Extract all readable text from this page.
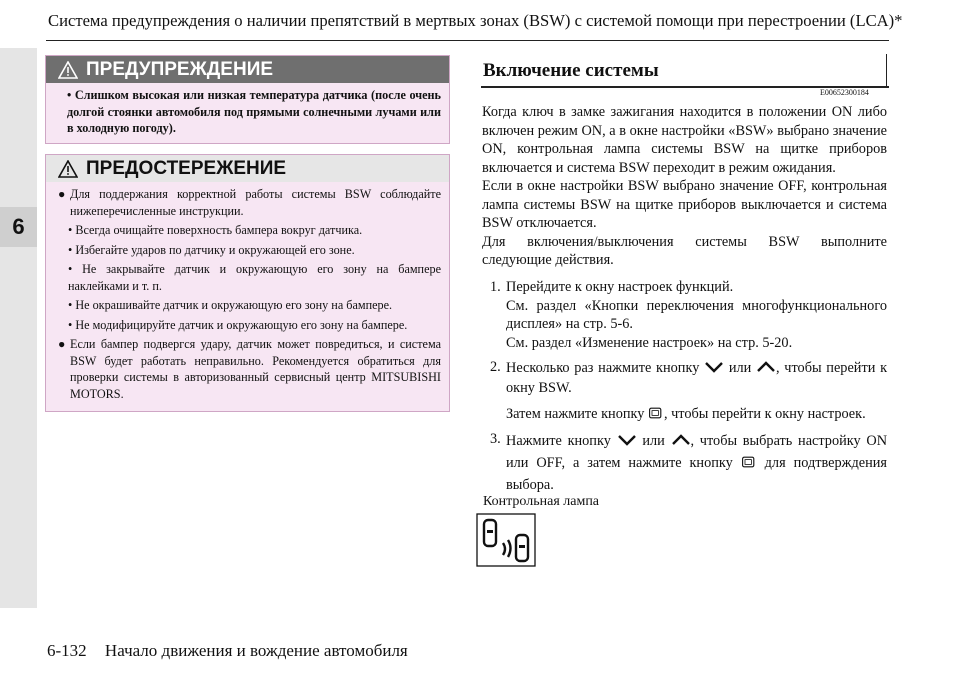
6
Система предупреждения о наличии препятствий в мертвых зонах (BSW) с системой помощи при перестроении (LCA)*
ПРЕДУПРЕЖДЕНИЕ
• Слишком высокая или низкая температура датчика (после очень долгой стоянки автомобиля под прямыми солнечными лучами или в холодную погоду).
ПРЕДОСТЕРЕЖЕНИЕ
● Для поддержания корректной работы системы BSW соблюдайте нижеперечисленные инструкции.
• Всегда очищайте поверхность бампера вокруг датчика.
• Избегайте ударов по датчику и окружающей его зоне.
• Не закрывайте датчик и окружающую его зону на бампере наклейками и т. п.
• Не окрашивайте датчик и окружающую его зону на бампере.
• Не модифицируйте датчик и окружающую его зону на бампере.
● Если бампер подвергся удару, датчик может повредиться, и система BSW будет работать неправильно. Рекомендуется обратиться для проверки системы в авторизованный сервисный центр MITSUBISHI MOTORS.
Включение системы
E00652300184

Когда ключ в замке зажигания находится в положении ON либо включен режим ON, а в окне настройки «BSW» выбрано значение ON, контрольная лампа системы BSW на щитке приборов включается и система BSW переходит в режим ожидания.

Если в окне настройки BSW выбрано значение OFF, контрольная лампа системы BSW на щитке приборов выключается и система BSW отключается.

Для включения/выключения системы BSW выполните следующие действия.

1. Перейдите к окну настроек функций.
См. раздел «Кнопки переключения многофункционального дисплея» на стр. 5-6.
См. раздел «Изменение настроек» на стр. 5-20.
2. Несколько раз нажмите кнопку или , чтобы перейти к окну BSW.
Затем нажмите кнопку , чтобы перейти к окну настроек.
3. Нажмите кнопку или , чтобы выбрать настройку ON или OFF, а затем нажмите кнопку для подтверждения выбора.
Контрольная лампа
6-132 Начало движения и вождение автомобиля
